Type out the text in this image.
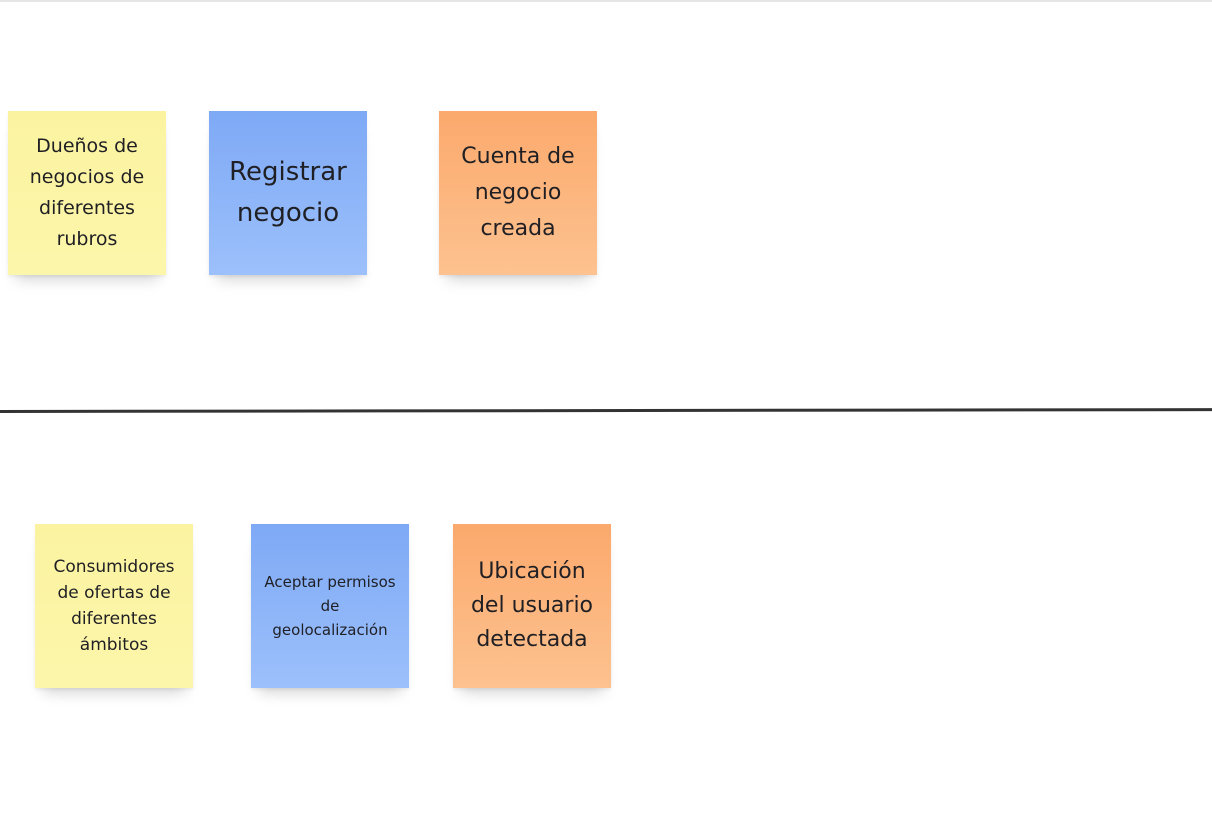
Dueños de negocios de diferentes rubros
Registrar negocio
Cuenta de negocio creada
Consumidores de ofertas de diferentes ámbitos
Aceptar permisos de geolocalización
Ubicación del usuario detectada
